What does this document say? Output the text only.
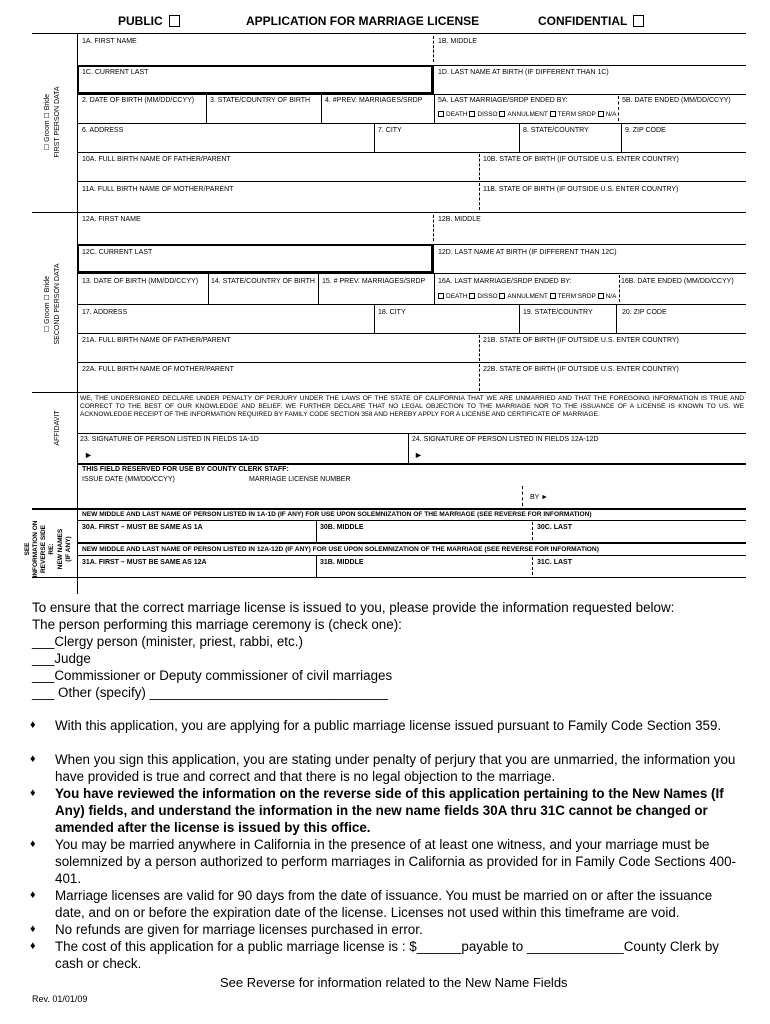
PUBLIC	APPLICATION FOR MARRIAGE LICENSE	CONFIDENTIAL
☐ Groom ☐ Bride FIRST PERSON DATA
☐ Groom ☐ Bride SECOND PERSON DATA
AFFIDAVIT
SEE INFORMATION ON REVERSE SIDE RE: NEW NAMES (IF ANY)
1A. FIRST NAME	1B. MIDDLE
1C. CURRENT LAST	1D. LAST NAME AT BIRTH (IF DIFFERENT THAN 1C)
2. DATE OF BIRTH (MM/DD/CCYY) 3. STATE/COUNTRY OF BIRTH 4. #PREV. MARRIAGES/SRDP 5A. LAST MARRIAGE/SRDP ENDED BY:	5B. DATE ENDED (MM/DD/CCYY)
DEATH DISSO ANNULMENT TERM SRDP N/A
6. ADDRESS	7. CITY	8. STATE/COUNTRY	9. ZIP CODE
10A. FULL BIRTH NAME OF FATHER/PARENT	10B. STATE OF BIRTH (IF OUTSIDE U.S. ENTER COUNTRY)
11A. FULL BIRTH NAME OF MOTHER/PARENT	11B. STATE OF BIRTH (IF OUTSIDE U.S. ENTER COUNTRY)
12A. FIRST NAME	12B. MIDDLE
12C. CURRENT LAST	12D. LAST NAME AT BIRTH (IF DIFFERENT THAN 12C)
13. DATE OF BIRTH (MM/DD/CCYY) 14. STATE/COUNTRY OF BIRTH 15. # PREV. MARRIAGES/SRDP 16A. LAST MARRIAGE/SRDP ENDED BY:	16B. DATE ENDED (MM/DD/CCYY)
DEATH DISSO ANNULMENT TERM SRDP N/A
17. ADDRESS	18. CITY	19. STATE/COUNTRY	20. ZIP CODE
21A. FULL BIRTH NAME OF FATHER/PARENT	21B. STATE OF BIRTH (IF OUTSIDE U.S. ENTER COUNTRY)
22A. FULL BIRTH NAME OF MOTHER/PARENT	22B. STATE OF BIRTH (IF OUTSIDE U.S. ENTER COUNTRY)
WE, THE UNDERSIGNED DECLARE UNDER PENALTY OF PERJURY UNDER THE LAWS OF THE STATE OF CALIFORNIA THAT WE ARE UNMARRIED AND THAT THE FOREGOING INFORMATION IS TRUE AND CORRECT TO THE BEST OF OUR KNOWLEDGE AND BELIEF. WE FURTHER DECLARE THAT NO LEGAL OBJECTION TO THE MARRIAGE NOR TO THE ISSUANCE OF A LICENSE IS KNOWN TO US. WE ACKNOWLEDGE RECEIPT OF THE INFORMATION REQUIRED BY FAMILY CODE SECTION 358 AND HEREBY APPLY FOR A LICENSE AND CERTIFICATE OF MARRIAGE.
23. SIGNATURE OF PERSON LISTED IN FIELDS 1A-1D	24. SIGNATURE OF PERSON LISTED IN FIELDS 12A-12D
►	►
THIS FIELD RESERVED FOR USE BY COUNTY CLERK STAFF:
ISSUE DATE (MM/DD/CCYY)	MARRIAGE LICENSE NUMBER
BY ►
NEW MIDDLE AND LAST NAME OF PERSON LISTED IN 1A-1D (IF ANY) FOR USE UPON SOLEMNIZATION OF THE MARRIAGE (SEE REVERSE FOR INFORMATION)
30A. FIRST – MUST BE SAME AS 1A	30B. MIDDLE	30C. LAST
NEW MIDDLE AND LAST NAME OF PERSON LISTED IN 12A-12D (IF ANY) FOR USE UPON SOLEMNIZATION OF THE MARRIAGE (SEE REVERSE FOR INFORMATION)
31A. FIRST – MUST BE SAME AS 12A	31B. MIDDLE	31C. LAST
To ensure that the correct marriage license is issued to you, please provide the information requested below:
The person performing this marriage ceremony is (check one):
___Clergy person (minister, priest, rabbi, etc.)
___Judge
___Commissioner or Deputy commissioner of civil marriages
___ Other (specify) ________________________________
♦ With this application, you are applying for a public marriage license issued pursuant to Family Code Section 359.
♦ When you sign this application, you are stating under penalty of perjury that you are unmarried, the information you have provided is true and correct and that there is no legal objection to the marriage.
♦ You have reviewed the information on the reverse side of this application pertaining to the New Names (If Any) fields, and understand the information in the new name fields 30A thru 31C cannot be changed or amended after the license is issued by this office.
♦ You may be married anywhere in California in the presence of at least one witness, and your marriage must be solemnized by a person authorized to perform marriages in California as provided for in Family Code Sections 400-401.
♦ Marriage licenses are valid for 90 days from the date of issuance. You must be married on or after the issuance date, and on or before the expiration date of the license. Licenses not used within this timeframe are void.
♦ No refunds are given for marriage licenses purchased in error.
♦ The cost of this application for a public marriage license is : $______payable to _____________County Clerk by cash or check.
See Reverse for information related to the New Name Fields
Rev. 01/01/09
